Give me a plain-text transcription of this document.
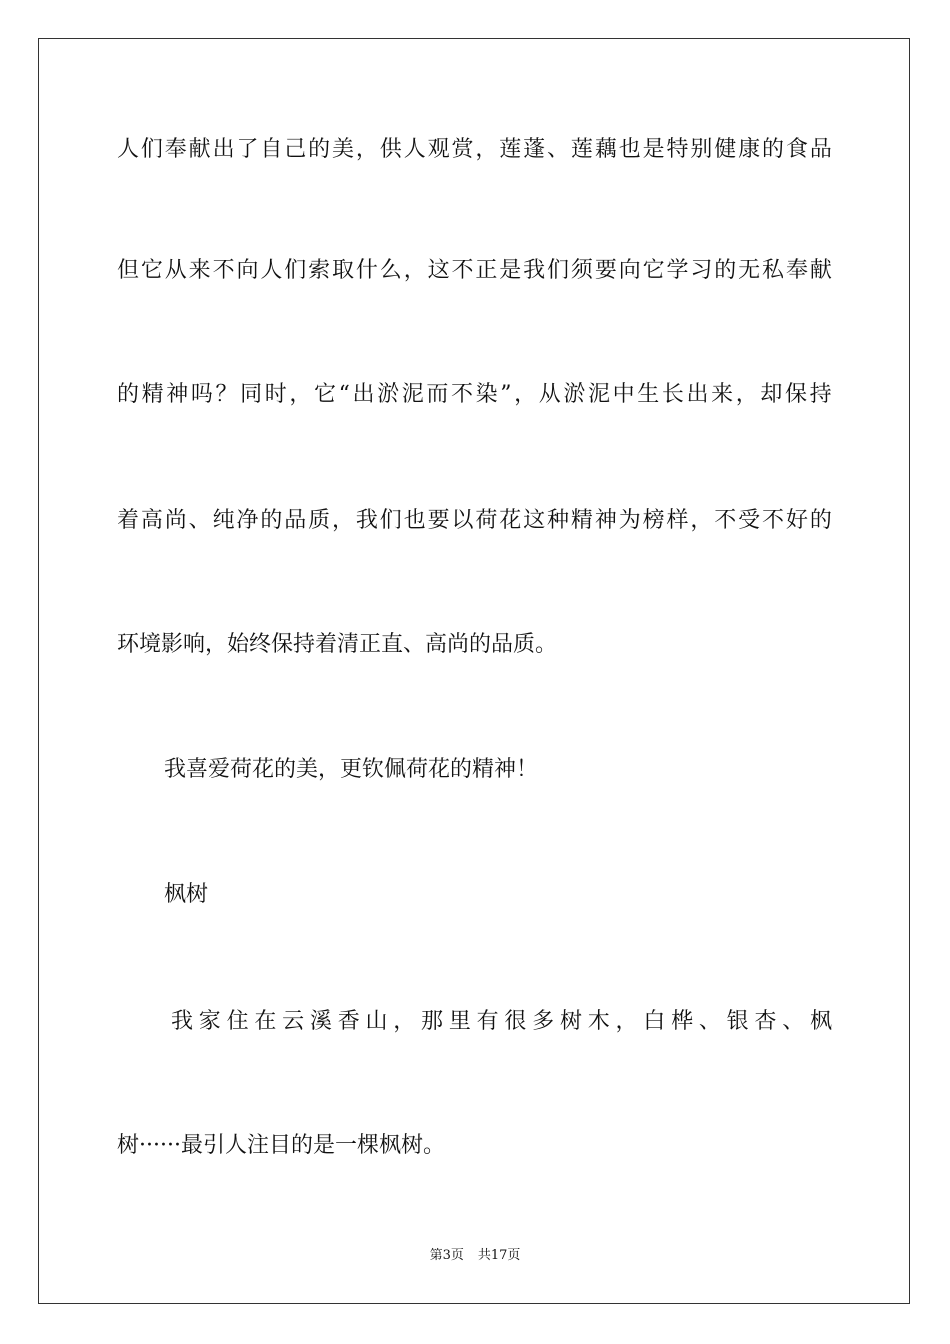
人 们 奉 献 出 了 自 己 的 美 ， 供 人 观 赏 ， 莲 蓬 、 莲 藕 也 是 特 别 健 康 的 食 品
但 它 从 来 不 向 人 们 索 取 什 么 ， 这 不 正 是 我 们 须 要 向 它 学 习 的 无 私 奉 献
的 精 神 吗 ？ 同 时 ， 它 “ 出 淤 泥 而 不 染 ” ， 从 淤 泥 中 生 长 出 来 ， 却 保 持
着 高 尚 、 纯 净 的 品 质 ， 我 们 也 要 以 荷 花 这 种 精 神 为 榜 样 ， 不 受 不 好 的
环境影响，始终保持着清正直、高尚的品质。
我喜爱荷花的美，更钦佩荷花的精神！
枫树
我 家 住 在 云 溪 香 山 ， 那 里 有 很 多 树 木 ， 白 桦 、 银 杏 、 枫
树······最引人注目的是一棵枫树。
第3页 共17页
